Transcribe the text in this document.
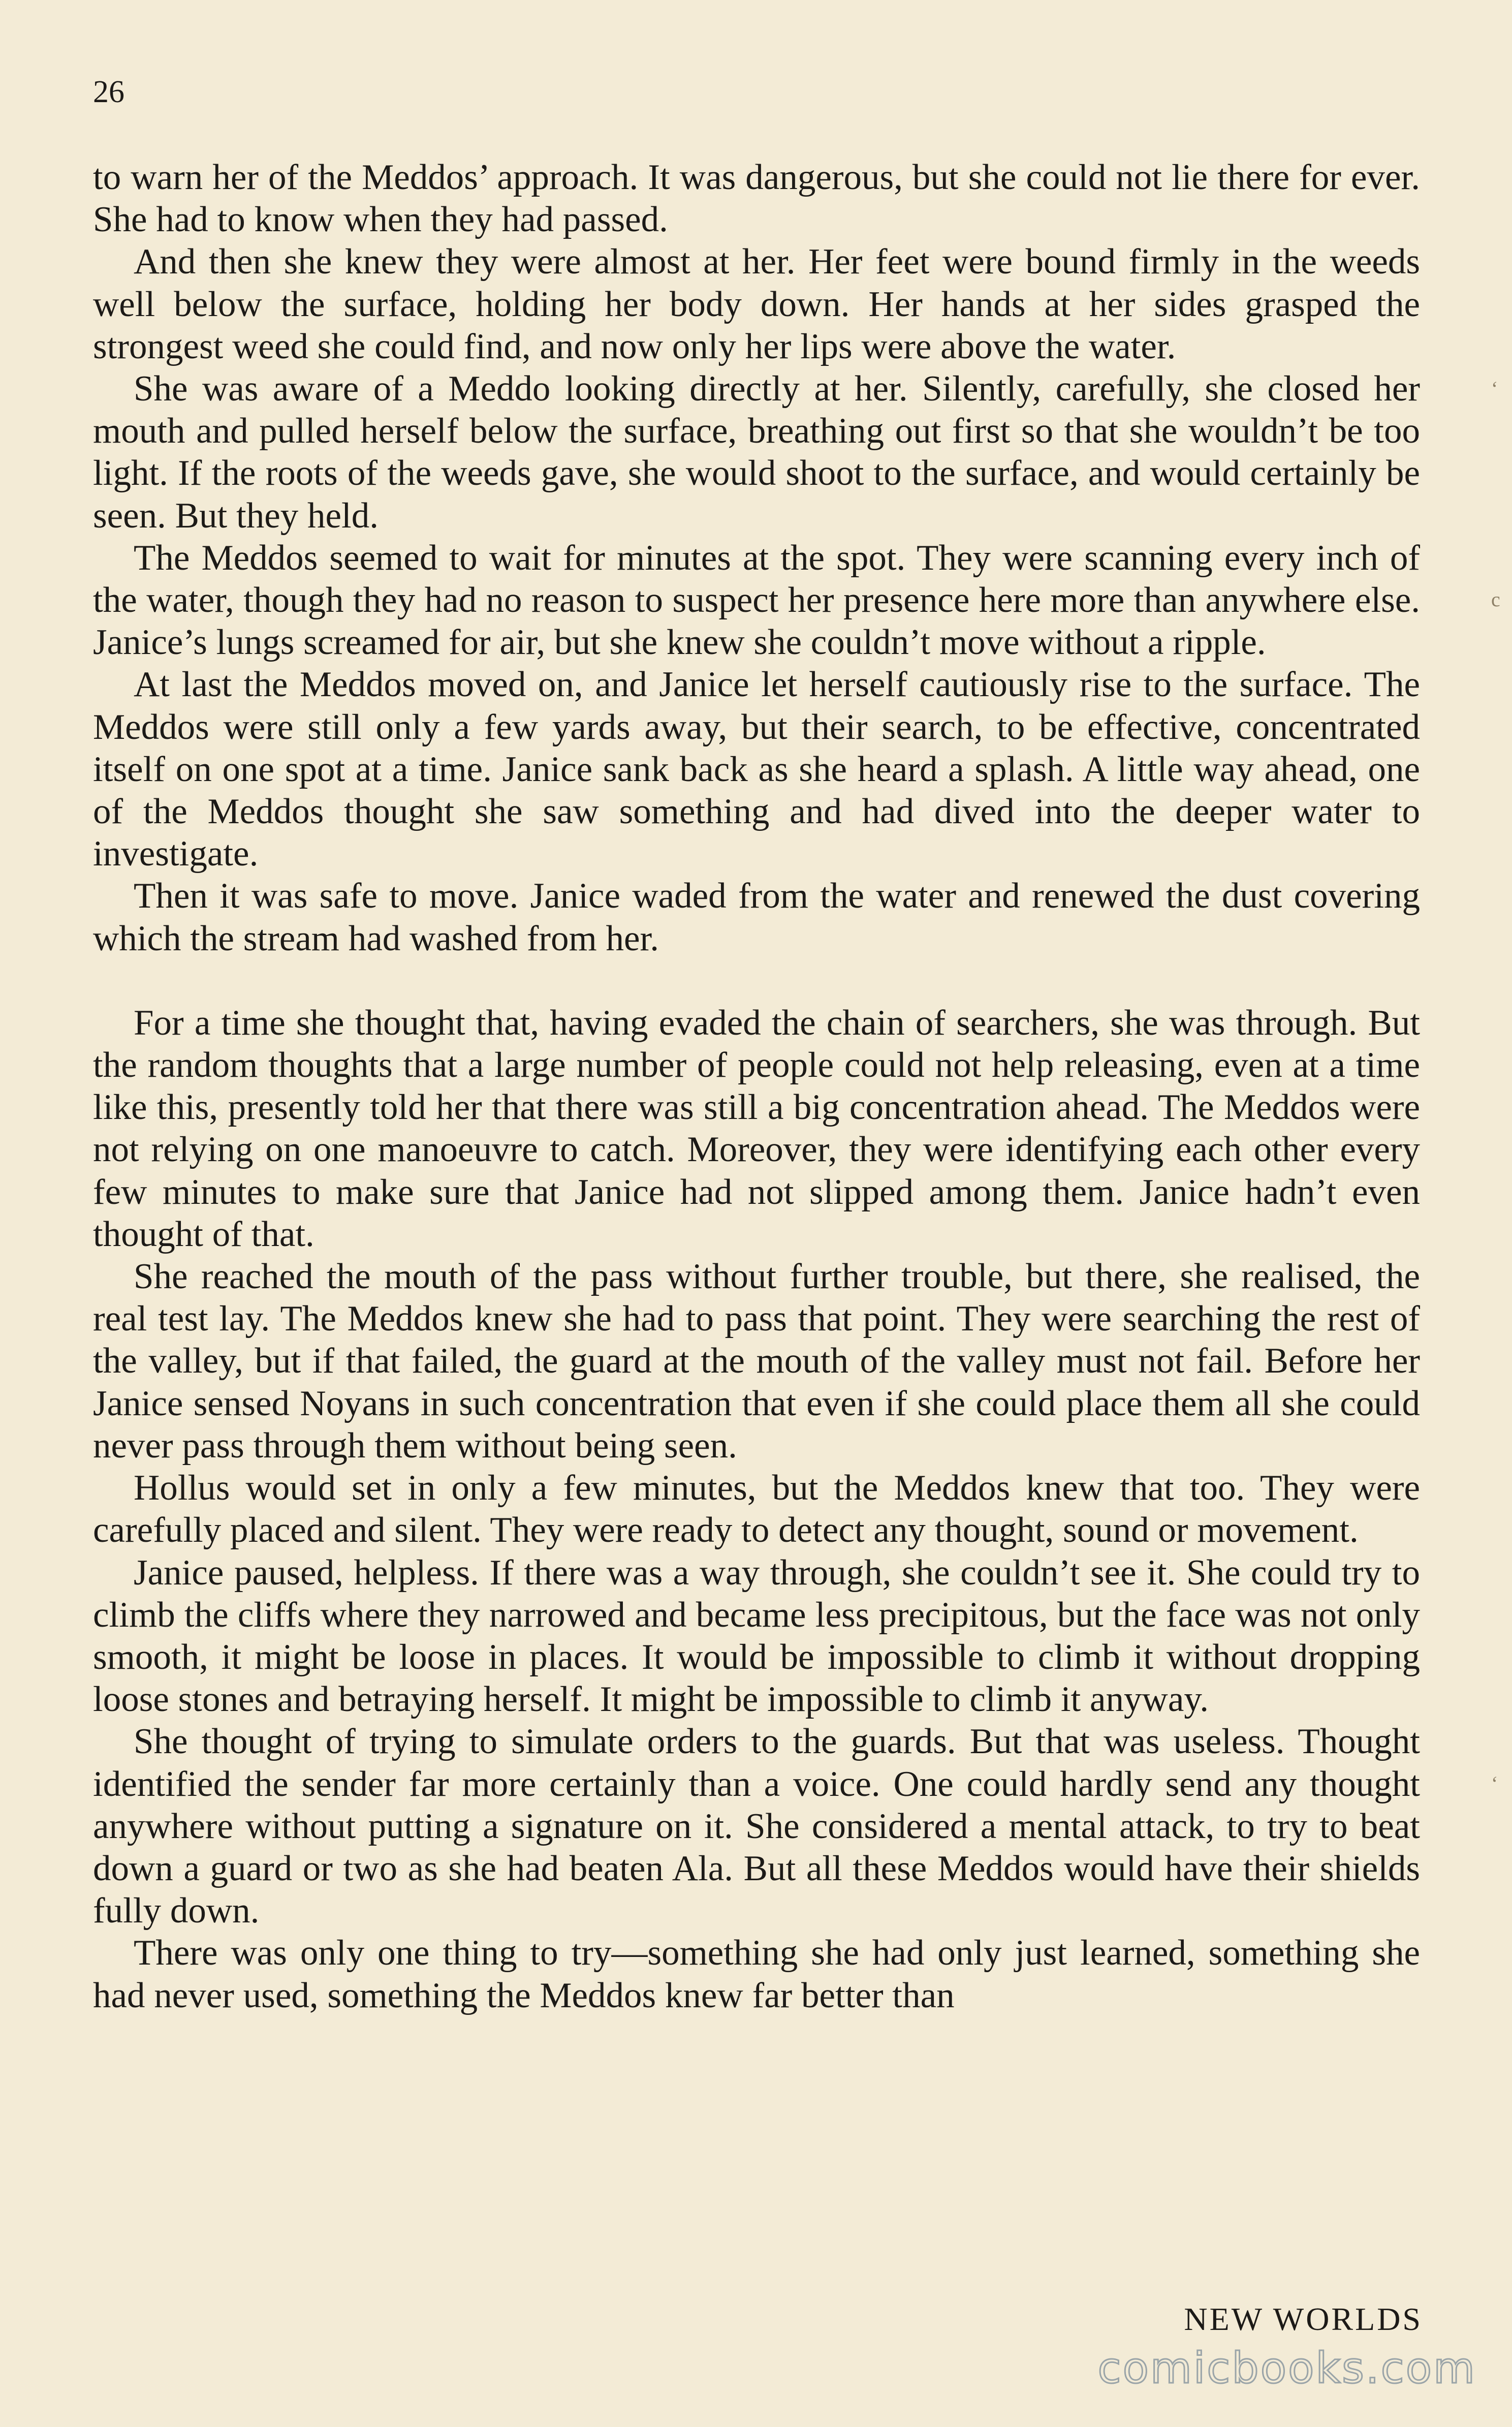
26

to warn her of the Meddos’ approach. It was dangerous, but she could not lie there for ever. She had to know when they had passed.

And then she knew they were almost at her. Her feet were bound firmly in the weeds well below the surface, holding her body down. Her hands at her sides grasped the strongest weed she could find, and now only her lips were above the water.

She was aware of a Meddo looking directly at her. Silently, carefully, she closed her mouth and pulled herself below the surface, breathing out first so that she wouldn’t be too light. If the roots of the weeds gave, she would shoot to the surface, and would certainly be seen. But they held.

The Meddos seemed to wait for minutes at the spot. They were scanning every inch of the water, though they had no reason to suspect her presence here more than anywhere else. Janice’s lungs screamed for air, but she knew she couldn’t move without a ripple.

At last the Meddos moved on, and Janice let herself cautiously rise to the surface. The Meddos were still only a few yards away, but their search, to be effective, concentrated itself on one spot at a time. Janice sank back as she heard a splash. A little way ahead, one of the Meddos thought she saw something and had dived into the deeper water to investigate.

Then it was safe to move. Janice waded from the water and renewed the dust covering which the stream had washed from her.

For a time she thought that, having evaded the chain of searchers, she was through. But the random thoughts that a large number of people could not help releasing, even at a time like this, presently told her that there was still a big concentration ahead. The Meddos were not relying on one manoeuvre to catch. Moreover, they were identifying each other every few minutes to make sure that Janice had not slipped among them. Janice hadn’t even thought of that.

She reached the mouth of the pass without further trouble, but there, she realised, the real test lay. The Meddos knew she had to pass that point. They were searching the rest of the valley, but if that failed, the guard at the mouth of the valley must not fail. Before her Janice sensed Noyans in such concentration that even if she could place them all she could never pass through them without being seen.

Hollus would set in only a few minutes, but the Meddos knew that too. They were carefully placed and silent. They were ready to detect any thought, sound or movement.

Janice paused, helpless. If there was a way through, she couldn’t see it. She could try to climb the cliffs where they narrowed and became less precipitous, but the face was not only smooth, it might be loose in places. It would be impossible to climb it without dropping loose stones and betraying herself. It might be impossible to climb it anyway.

She thought of trying to simulate orders to the guards. But that was useless. Thought identified the sender far more certainly than a voice. One could hardly send any thought anywhere without putting a signature on it. She considered a mental attack, to try to beat down a guard or two as she had beaten Ala. But all these Meddos would have their shields fully down.

There was only one thing to try—something she had only just learned, something she had never used, something the Meddos knew far better than

‘
c
‘
NEW WORLDS
comicbooks.com
